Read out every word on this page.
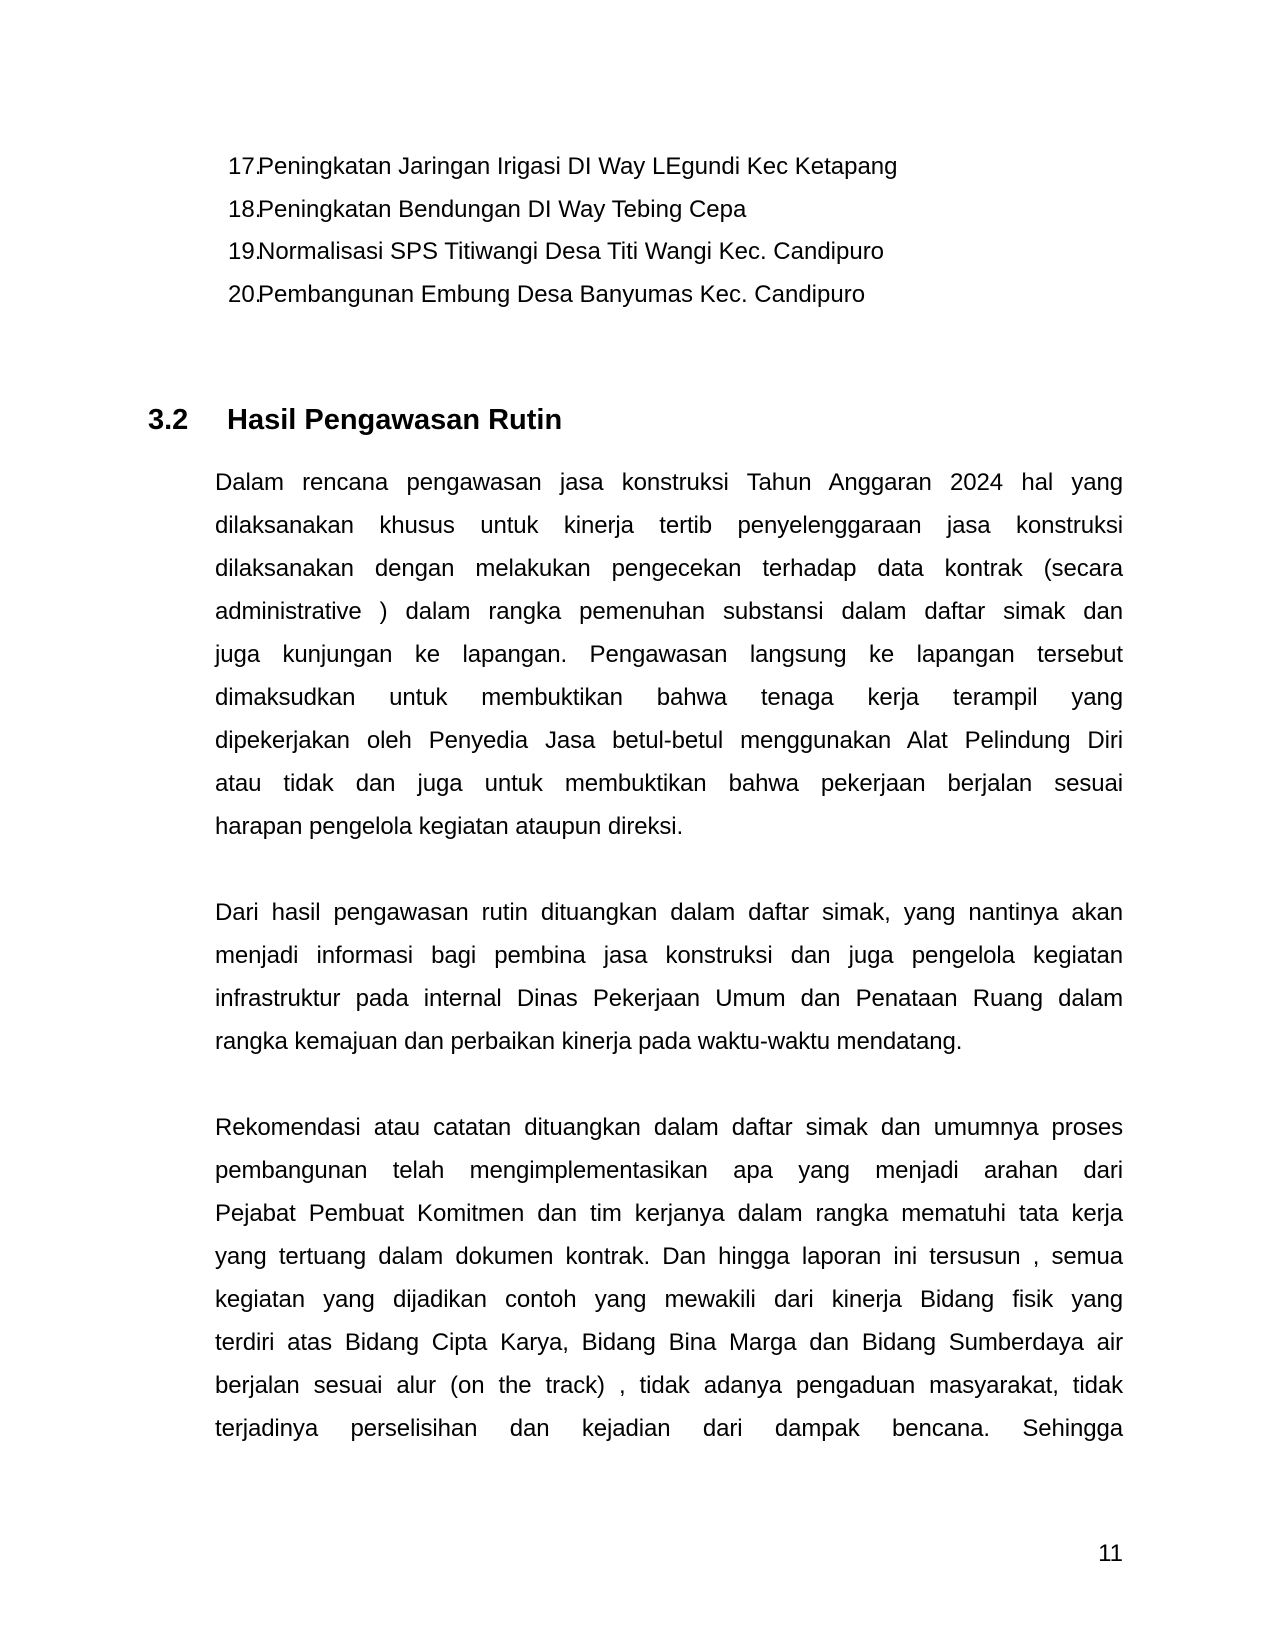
17.
Peningkatan Jaringan Irigasi DI Way LEgundi Kec Ketapang
18.
Peningkatan Bendungan DI Way Tebing Cepa
19.
Normalisasi SPS Titiwangi Desa Titi Wangi Kec. Candipuro
20.
Pembangunan Embung Desa Banyumas Kec. Candipuro
3.2 Hasil Pengawasan Rutin
Dalam rencana pengawasan jasa konstruksi Tahun Anggaran 2024 hal yang
dilaksanakan khusus untuk kinerja tertib penyelenggaraan jasa konstruksi
dilaksanakan dengan melakukan pengecekan terhadap data kontrak (secara
administrative ) dalam rangka pemenuhan substansi dalam daftar simak dan
juga kunjungan ke lapangan. Pengawasan langsung ke lapangan tersebut
dimaksudkan untuk membuktikan bahwa tenaga kerja terampil yang
dipekerjakan oleh Penyedia Jasa betul-betul menggunakan Alat Pelindung Diri
atau tidak dan juga untuk membuktikan bahwa pekerjaan berjalan sesuai
harapan pengelola kegiatan ataupun direksi.
Dari hasil pengawasan rutin dituangkan dalam daftar simak, yang nantinya akan
menjadi informasi bagi pembina jasa konstruksi dan juga pengelola kegiatan
infrastruktur pada internal Dinas Pekerjaan Umum dan Penataan Ruang dalam
rangka kemajuan dan perbaikan kinerja pada waktu-waktu mendatang.
Rekomendasi atau catatan dituangkan dalam daftar simak dan umumnya proses
pembangunan telah mengimplementasikan apa yang menjadi arahan dari
Pejabat Pembuat Komitmen dan tim kerjanya dalam rangka mematuhi tata kerja
yang tertuang dalam dokumen kontrak. Dan hingga laporan ini tersusun , semua
kegiatan yang dijadikan contoh yang mewakili dari kinerja Bidang fisik yang
terdiri atas Bidang Cipta Karya, Bidang Bina Marga dan Bidang Sumberdaya air
berjalan sesuai alur (on the track) , tidak adanya pengaduan masyarakat, tidak
terjadinya perselisihan dan kejadian dari dampak bencana. Sehingga
11
